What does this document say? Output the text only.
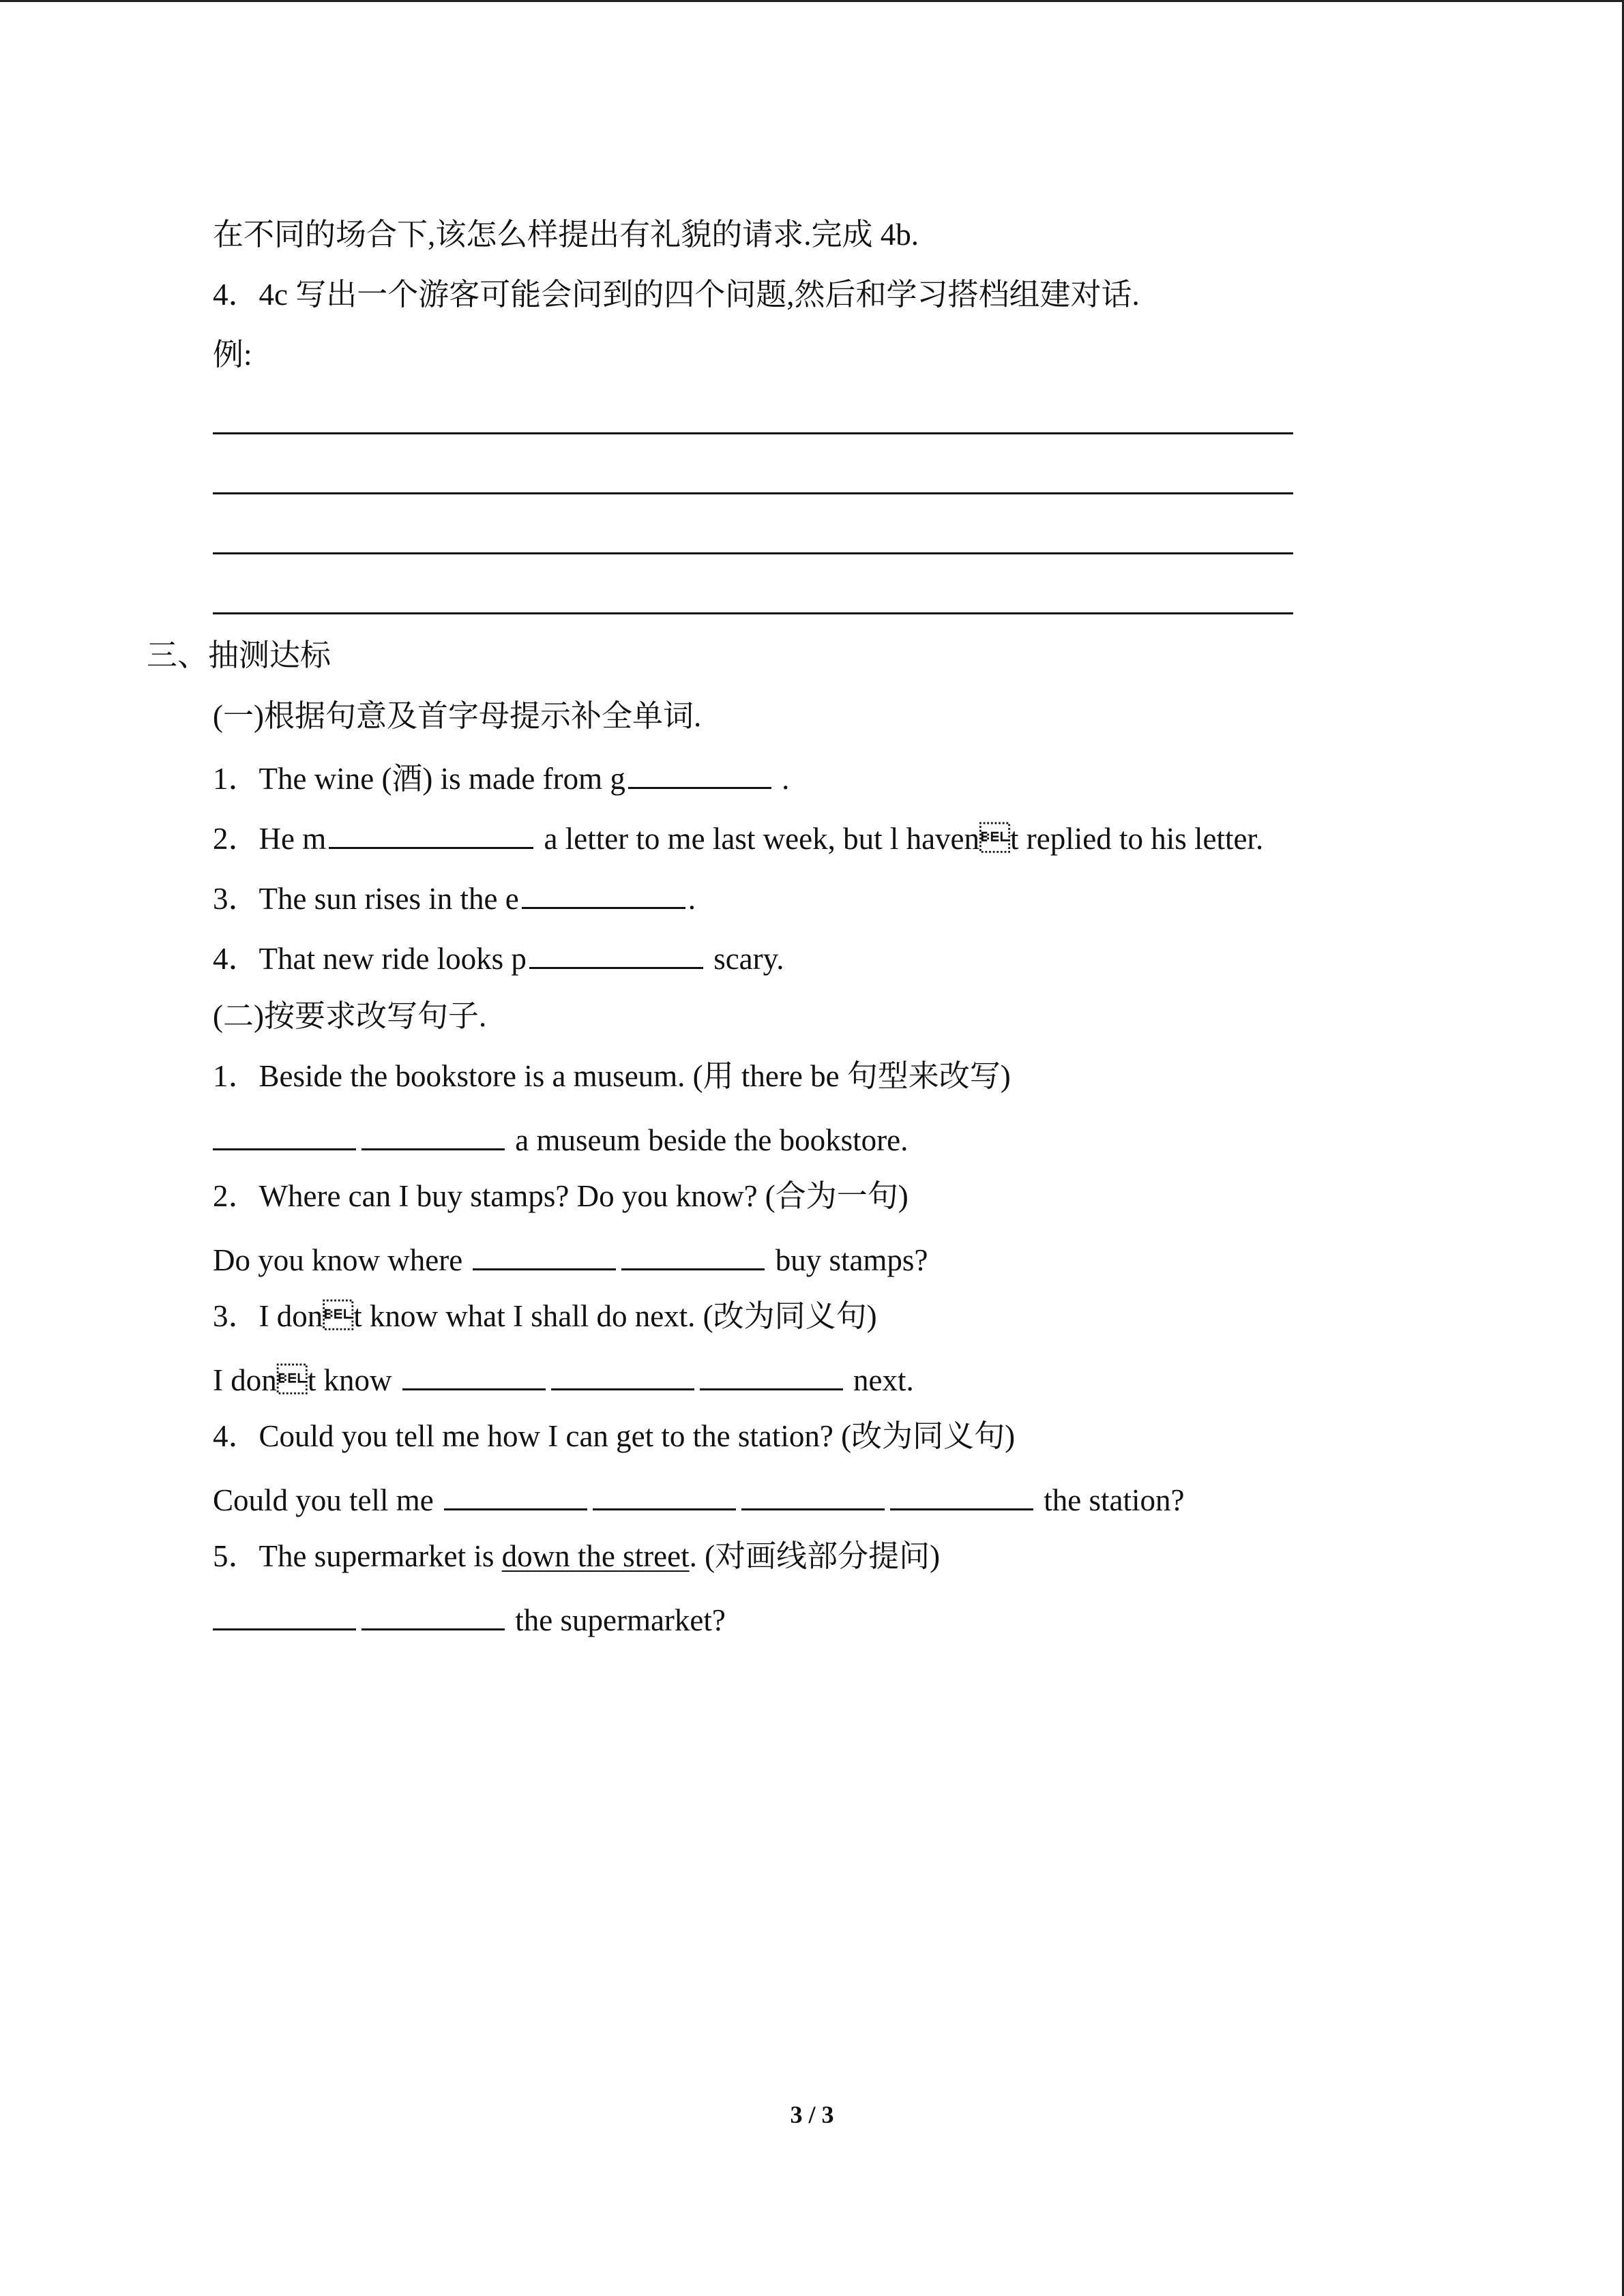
在不同的场合下,该怎么样提出有礼貌的请求.完成 4b.
4．4c 写出一个游客可能会问到的四个问题,然后和学习搭档组建对话.
例:
三、抽测达标
(一)根据句意及首字母提示补全单词.
1．The wine (酒) is made from g	.
2．He m	a letter to me last week, but l havent replied to his letter.
3．The sun rises in the e	.
4．That new ride looks p	scary.
(二)按要求改写句子.
1．Beside the bookstore is a museum. (用 there be 句型来改写)
a museum beside the bookstore.
2．Where can I buy stamps? Do you know? (合为一句)
Do you know where	buy stamps?
3．I dont know what I shall do next. (改为同义句)
I dont know	next.
4．Could you tell me how I can get to the station? (改为同义句)
Could you tell me	the station?
5．The supermarket is down the street. (对画线部分提问)
the supermarket?
3 / 3
